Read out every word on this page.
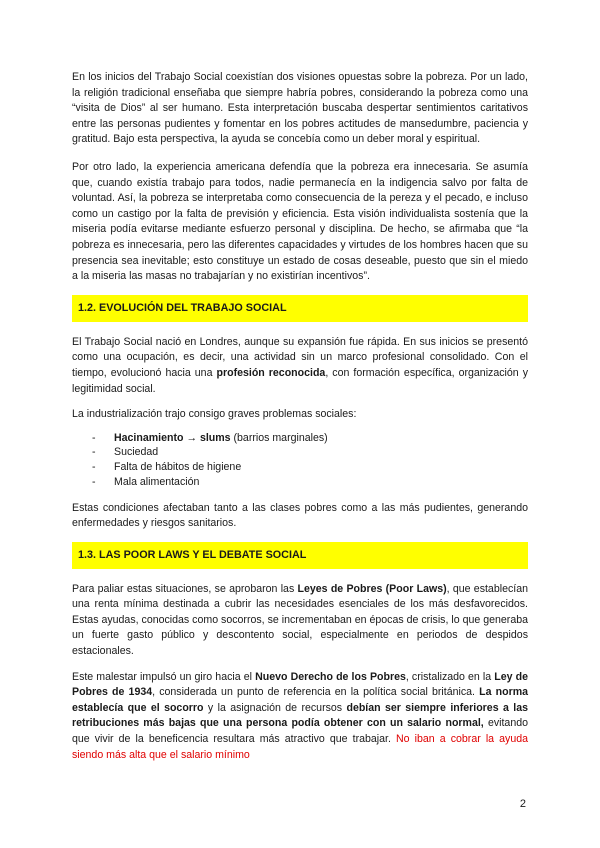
En los inicios del Trabajo Social coexistían dos visiones opuestas sobre la pobreza. Por un lado, la religión tradicional enseñaba que siempre habría pobres, considerando la pobreza como una “visita de Dios” al ser humano. Esta interpretación buscaba despertar sentimientos caritativos entre las personas pudientes y fomentar en los pobres actitudes de mansedumbre, paciencia y gratitud. Bajo esta perspectiva, la ayuda se concebía como un deber moral y espiritual.

Por otro lado, la experiencia americana defendía que la pobreza era innecesaria. Se asumía que, cuando existía trabajo para todos, nadie permanecía en la indigencia salvo por falta de voluntad. Así, la pobreza se interpretaba como consecuencia de la pereza y el pecado, e incluso como un castigo por la falta de previsión y eficiencia. Esta visión individualista sostenía que la miseria podía evitarse mediante esfuerzo personal y disciplina. De hecho, se afirmaba que “la pobreza es innecesaria, pero las diferentes capacidades y virtudes de los hombres hacen que su presencia sea inevitable; esto constituye un estado de cosas deseable, puesto que sin el miedo a la miseria las masas no trabajarían y no existirían incentivos”.

1.2. EVOLUCIÓN DEL TRABAJO SOCIAL

El Trabajo Social nació en Londres, aunque su expansión fue rápida. En sus inicios se presentó como una ocupación, es decir, una actividad sin un marco profesional consolidado. Con el tiempo, evolucionó hacia una profesión reconocida, con formación específica, organización y legitimidad social.

La industrialización trajo consigo graves problemas sociales:

- Hacinamiento → slums (barrios marginales)
- Suciedad
- Falta de hábitos de higiene
- Mala alimentación

Estas condiciones afectaban tanto a las clases pobres como a las más pudientes, generando enfermedades y riesgos sanitarios.

1.3. LAS POOR LAWS Y EL DEBATE SOCIAL

Para paliar estas situaciones, se aprobaron las Leyes de Pobres (Poor Laws), que establecían una renta mínima destinada a cubrir las necesidades esenciales de los más desfavorecidos. Estas ayudas, conocidas como socorros, se incrementaban en épocas de crisis, lo que generaba un fuerte gasto público y descontento social, especialmente en periodos de despidos estacionales.

Este malestar impulsó un giro hacia el Nuevo Derecho de los Pobres, cristalizado en la Ley de Pobres de 1934, considerada un punto de referencia en la política social británica. La norma establecía que el socorro y la asignación de recursos debían ser siempre inferiores a las retribuciones más bajas que una persona podía obtener con un salario normal, evitando que vivir de la beneficencia resultara más atractivo que trabajar. No iban a cobrar la ayuda siendo más alta que el salario mínimo

2
